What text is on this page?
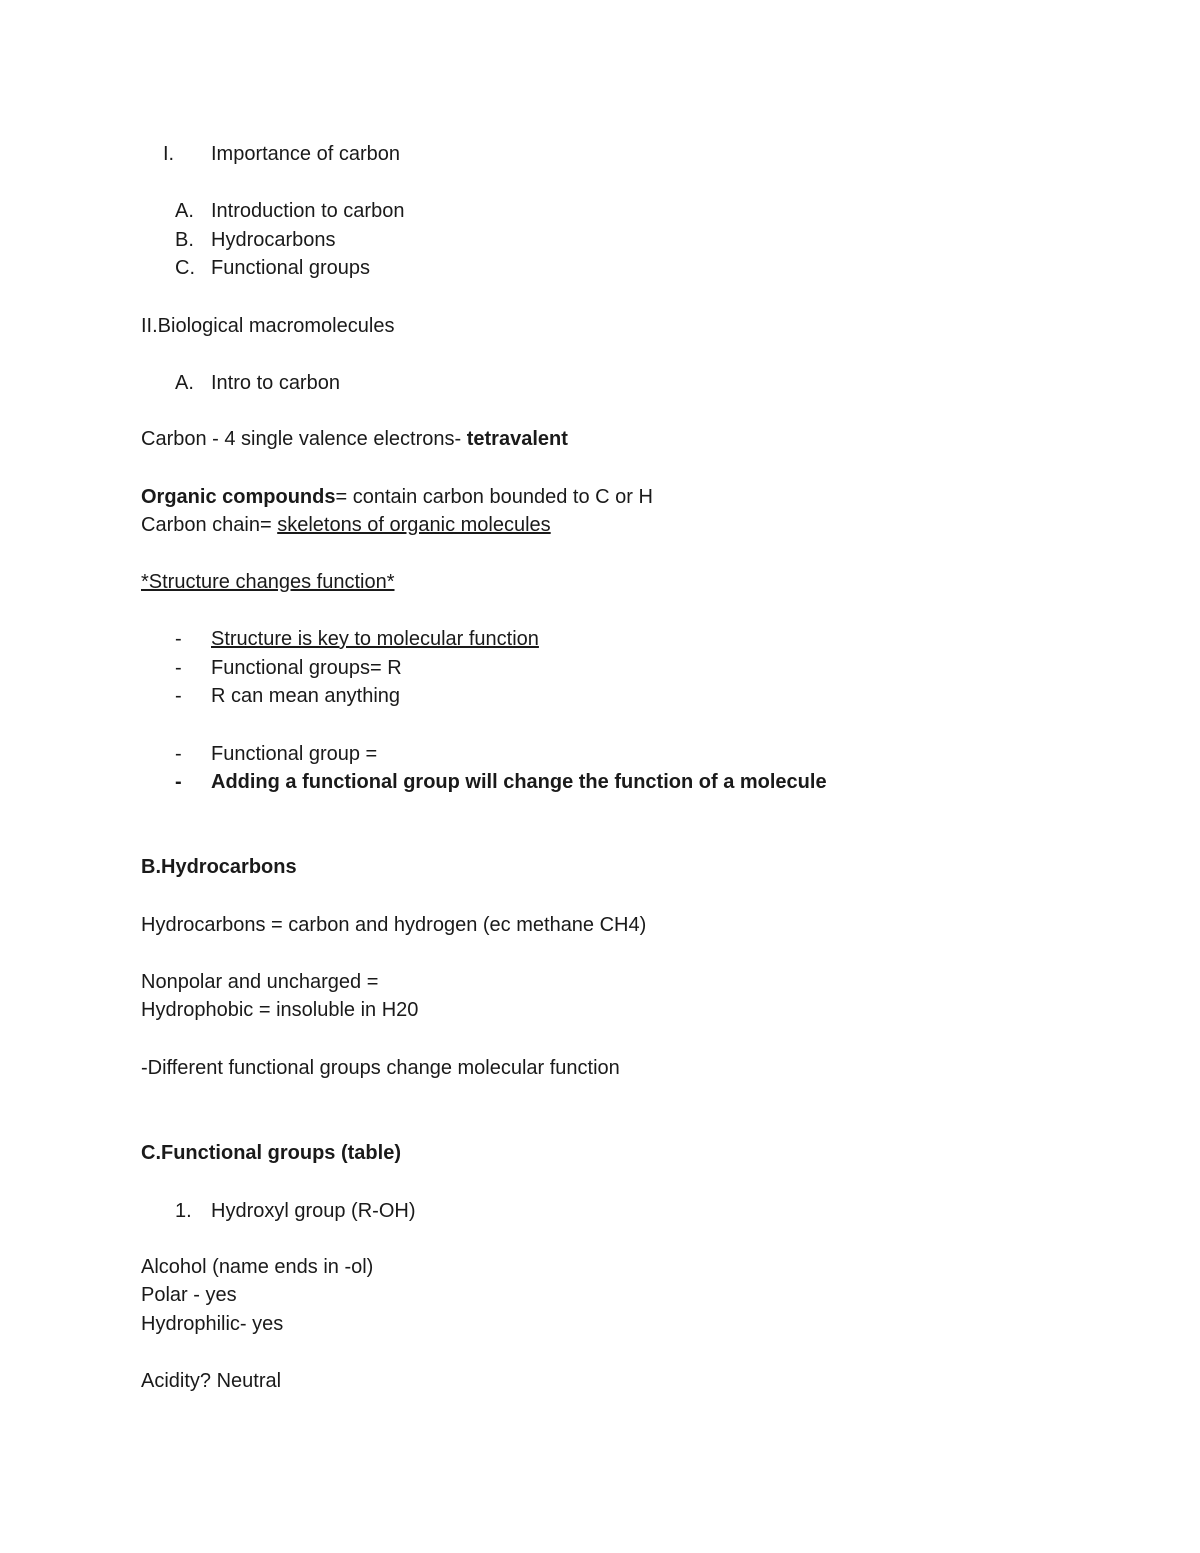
I. Importance of carbon
A. Introduction to carbon
B. Hydrocarbons
C. Functional groups
II.Biological macromolecules
A. Intro to carbon
Carbon - 4 single valence electrons- tetravalent
Organic compounds= contain carbon bounded to C or H
Carbon chain= skeletons of organic molecules
*Structure changes function*
- Structure is key to molecular function
- Functional groups= R
- R can mean anything
- Functional group =
- Adding a functional group will change the function of a molecule
B.Hydrocarbons
Hydrocarbons = carbon and hydrogen (ec methane CH4)
Nonpolar and uncharged =
Hydrophobic = insoluble in H20
-Different functional groups change molecular function
C.Functional groups (table)
1. Hydroxyl group (R-OH)
Alcohol (name ends in -ol)
Polar - yes
Hydrophilic- yes
Acidity? Neutral
